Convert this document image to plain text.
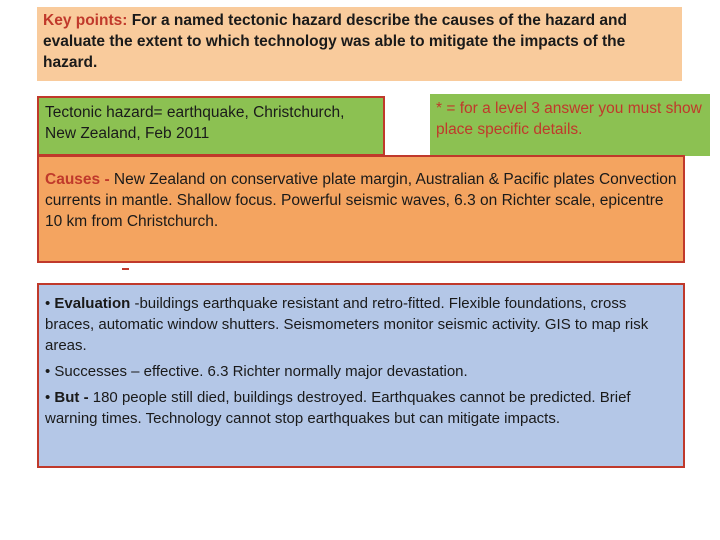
Key points: For a named tectonic hazard describe the causes of the hazard and evaluate the extent to which technology was able to mitigate the impacts of the hazard.
Tectonic hazard= earthquake, Christchurch, New Zealand, Feb 2011
* = for a level 3 answer you must show place specific details.
Causes - New Zealand on conservative plate margin, Australian & Pacific plates Convection currents in mantle. Shallow focus. Powerful seismic waves, 6.3 on Richter scale, epicentre 10 km from Christchurch.

• Evaluation -buildings earthquake resistant and retro-fitted. Flexible foundations, cross braces, automatic window shutters. Seismometers monitor seismic activity. GIS to map risk areas.

• Successes – effective. 6.3 Richter normally major devastation.

• But - 180 people still died, buildings destroyed. Earthquakes cannot be predicted. Brief warning times. Technology cannot stop earthquakes but can mitigate impacts.
